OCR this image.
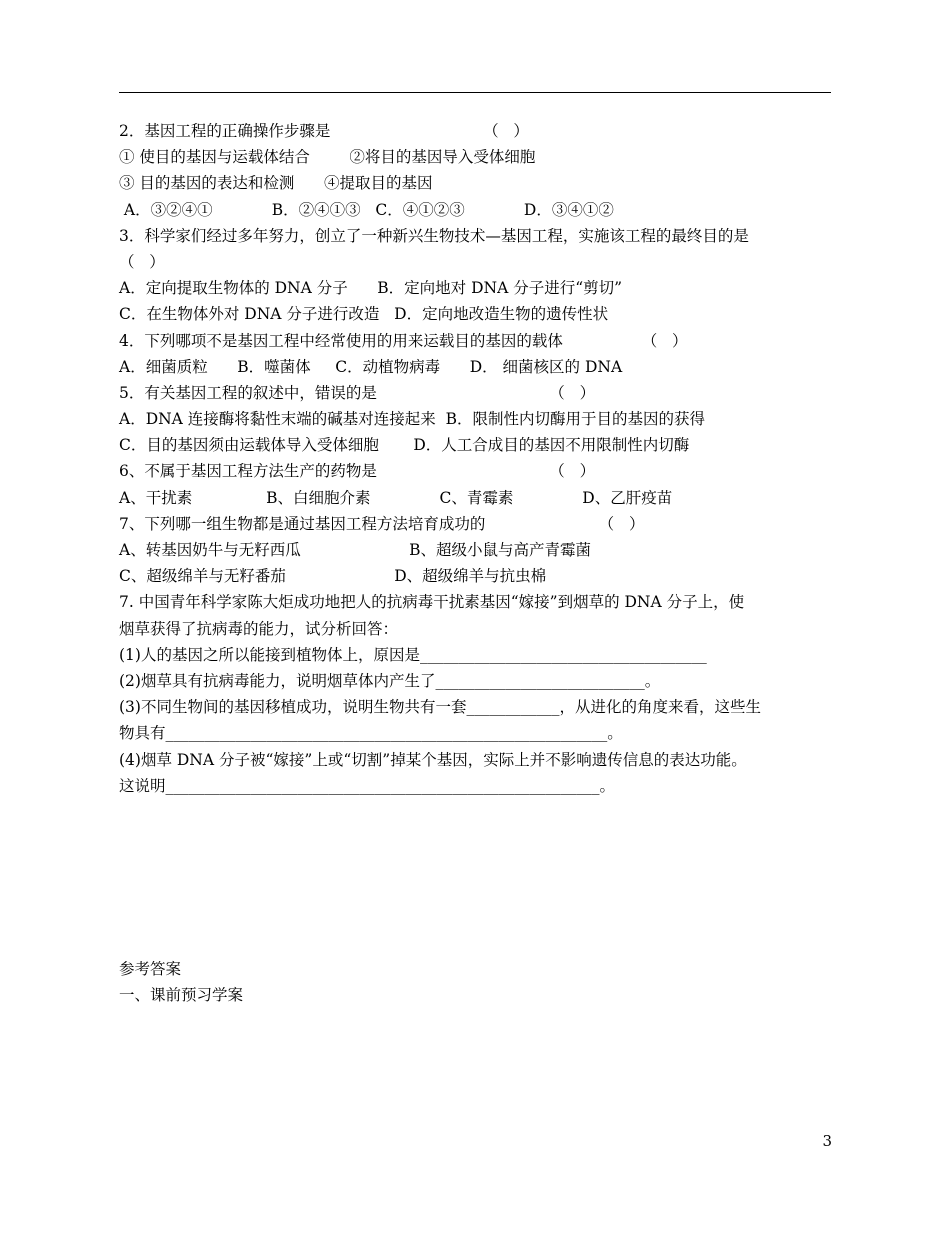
2．基因工程的正确操作步骤是                               （   ）
① 使目的基因与运载体结合        ②将目的基因导入受体细胞
③ 目的基因的表达和检测      ④提取目的基因
A．③②④①            B．②④①③   C．④①②③            D．③④①②
3．科学家们经过多年努力，创立了一种新兴生物技术—基因工程，实施该工程的最终目的是
（   ）
A．定向提取生物体的 DNA 分子      B．定向地对 DNA 分子进行“剪切”
C．在生物体外对 DNA 分子进行改造   D．定向地改造生物的遗传性状
4．下列哪项不是基因工程中经常使用的用来运载目的基因的载体                （   ）
A．细菌质粒      B．噬菌体     C．动植物病毒      D． 细菌核区的 DNA
5．有关基因工程的叙述中，错误的是                                   （   ）
A．DNA 连接酶将黏性末端的碱基对连接起来  B．限制性内切酶用于目的基因的获得
C．目的基因须由运载体导入受体细胞       D．人工合成目的基因不用限制性内切酶
6、不属于基因工程方法生产的药物是                                   （   ）
A、干扰素               B、白细胞介素              C、青霉素              D、乙肝疫苗
7、下列哪一组生物都是通过基因工程方法培育成功的                       （   ）
A、转基因奶牛与无籽西瓜                      B、超级小鼠与高产青霉菌
C、超级绵羊与无籽番茄                      D、超级绵羊与抗虫棉
7. 中国青年科学家陈大炬成功地把人的抗病毒干扰素基因“嫁接”到烟草的 DNA 分子上，使
烟草获得了抗病毒的能力，试分析回答：
(1)人的基因之所以能接到植物体上，原因是_____________________________________
(2)烟草具有抗病毒能力，说明烟草体内产生了___________________________。
(3)不同生物间的基因移植成功，说明生物共有一套____________，从进化的角度来看，这些生
物具有_________________________________________________________。
(4)烟草 DNA 分子被“嫁接”上或“切割”掉某个基因，实际上并不影响遗传信息的表达功能。
这说明________________________________________________________。
参考答案
一、课前预习学案
3
